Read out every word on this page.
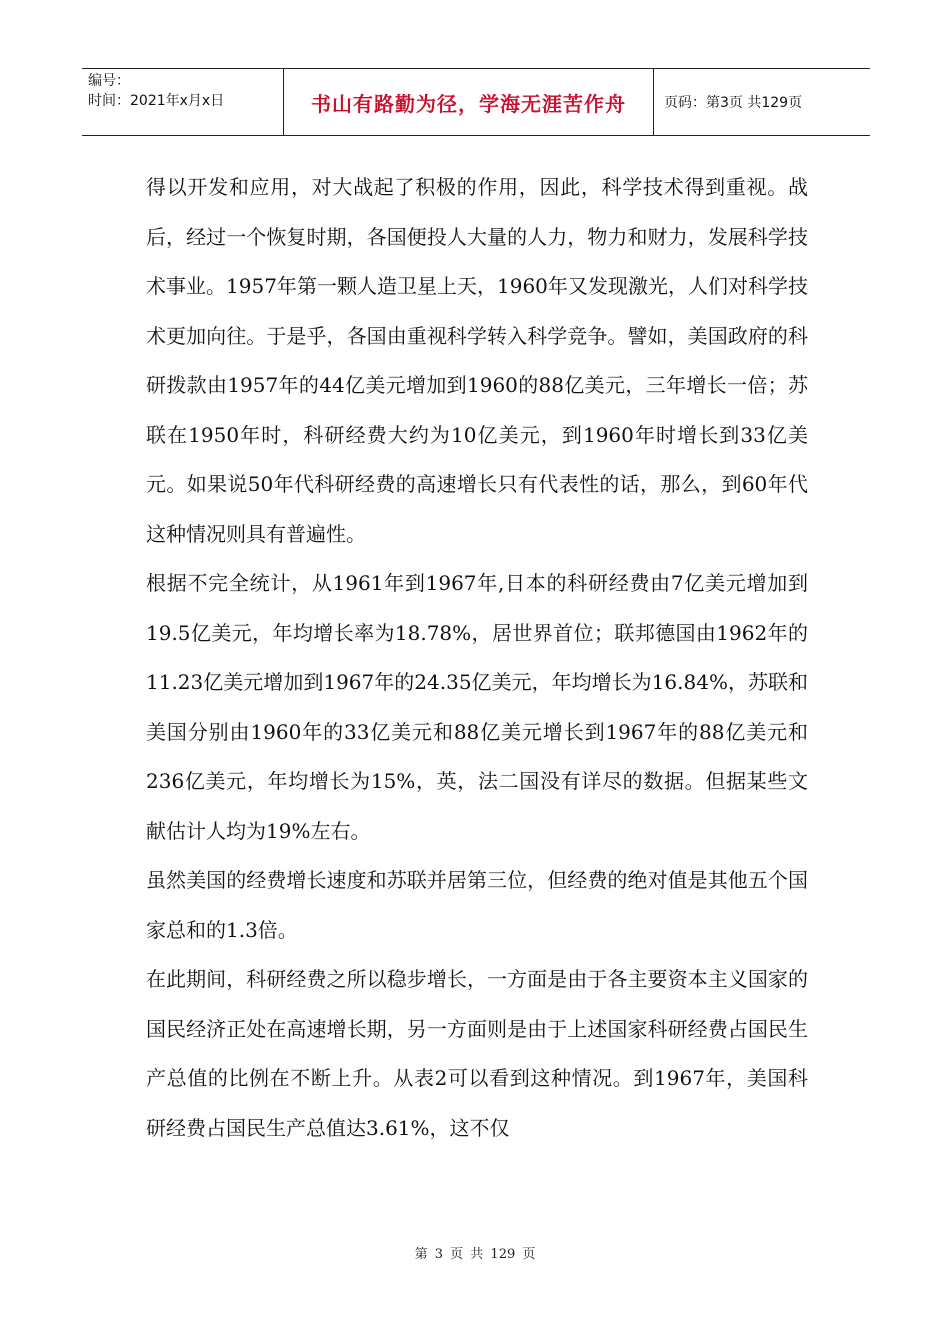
编号：
时间：2021年x月x日	书山有路勤为径，学海无涯苦作舟	页码：第3页 共129页

得以开发和应用，对大战起了积极的作用，因此，科学技术得到重视。战后，经过一个恢复时期，各国便投人大量的人力，物力和财力，发展科学技术事业。1957年第一颗人造卫星上天，1960年又发现激光，人们对科学技术更加向往。于是乎，各国由重视科学转入科学竞争。譬如，美国政府的科研拨款由1957年的44亿美元增加到1960的88亿美元，三年增长一倍；苏联在1950年时，科研经费大约为10亿美元，到1960年时增长到33亿美元。如果说50年代科研经费的高速增长只有代表性的话，那么，到60年代这种情况则具有普遍性。

根据不完全统计，从1961年到1967年,日本的科研经费由7亿美元增加到19.5亿美元，年均增长率为18.78%，居世界首位；联邦德国由1962年的11.23亿美元增加到1967年的24.35亿美元，年均增长为16.84%，苏联和美国分别由1960年的33亿美元和88亿美元增长到1967年的88亿美元和236亿美元，年均增长为15%，英，法二国没有详尽的数据。但据某些文献估计人均为19%左右。

虽然美国的经费增长速度和苏联并居第三位，但经费的绝对值是其他五个国家总和的1.3倍。

在此期间，科研经费之所以稳步增长，一方面是由于各主要资本主义国家的国民经济正处在高速增长期，另一方面则是由于上述国家科研经费占国民生产总值的比例在不断上升。从表2可以看到这种情况。到1967年，美国科研经费占国民生产总值达3.61%，这不仅

第 3 页 共 129 页
